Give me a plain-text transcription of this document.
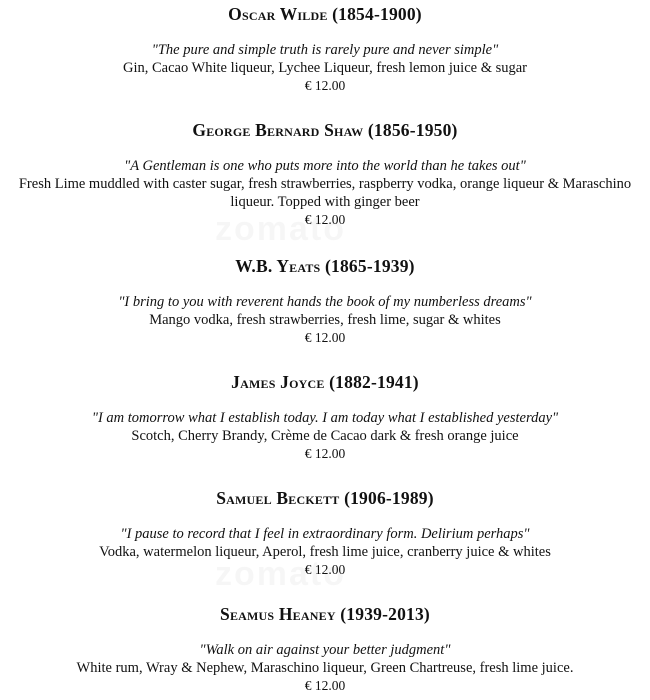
Oscar Wilde (1854-1900)

"The pure and simple truth is rarely pure and never simple"

Gin, Cacao White liqueur, Lychee Liqueur, fresh lemon juice & sugar

€ 12.00

George Bernard Shaw (1856-1950)

"A Gentleman is one who puts more into the world than he takes out"

Fresh Lime muddled with caster sugar, fresh strawberries, raspberry vodka, orange liqueur & Maraschino liqueur. Topped with ginger beer

€ 12.00

W.B. Yeats (1865-1939)

"I bring to you with reverent hands the book of my numberless dreams"

Mango vodka, fresh strawberries, fresh lime, sugar & whites

€ 12.00

James Joyce (1882-1941)

"I am tomorrow what I establish today. I am today what I established yesterday"

Scotch, Cherry Brandy, Crème de Cacao dark & fresh orange juice

€ 12.00

Samuel Beckett (1906-1989)

"I pause to record that I feel in extraordinary form. Delirium perhaps"

Vodka, watermelon liqueur, Aperol, fresh lime juice, cranberry juice & whites

€ 12.00

Seamus Heaney (1939-2013)

"Walk on air against your better judgment"

White rum, Wray & Nephew, Maraschino liqueur, Green Chartreuse, fresh lime juice.

€ 12.00
